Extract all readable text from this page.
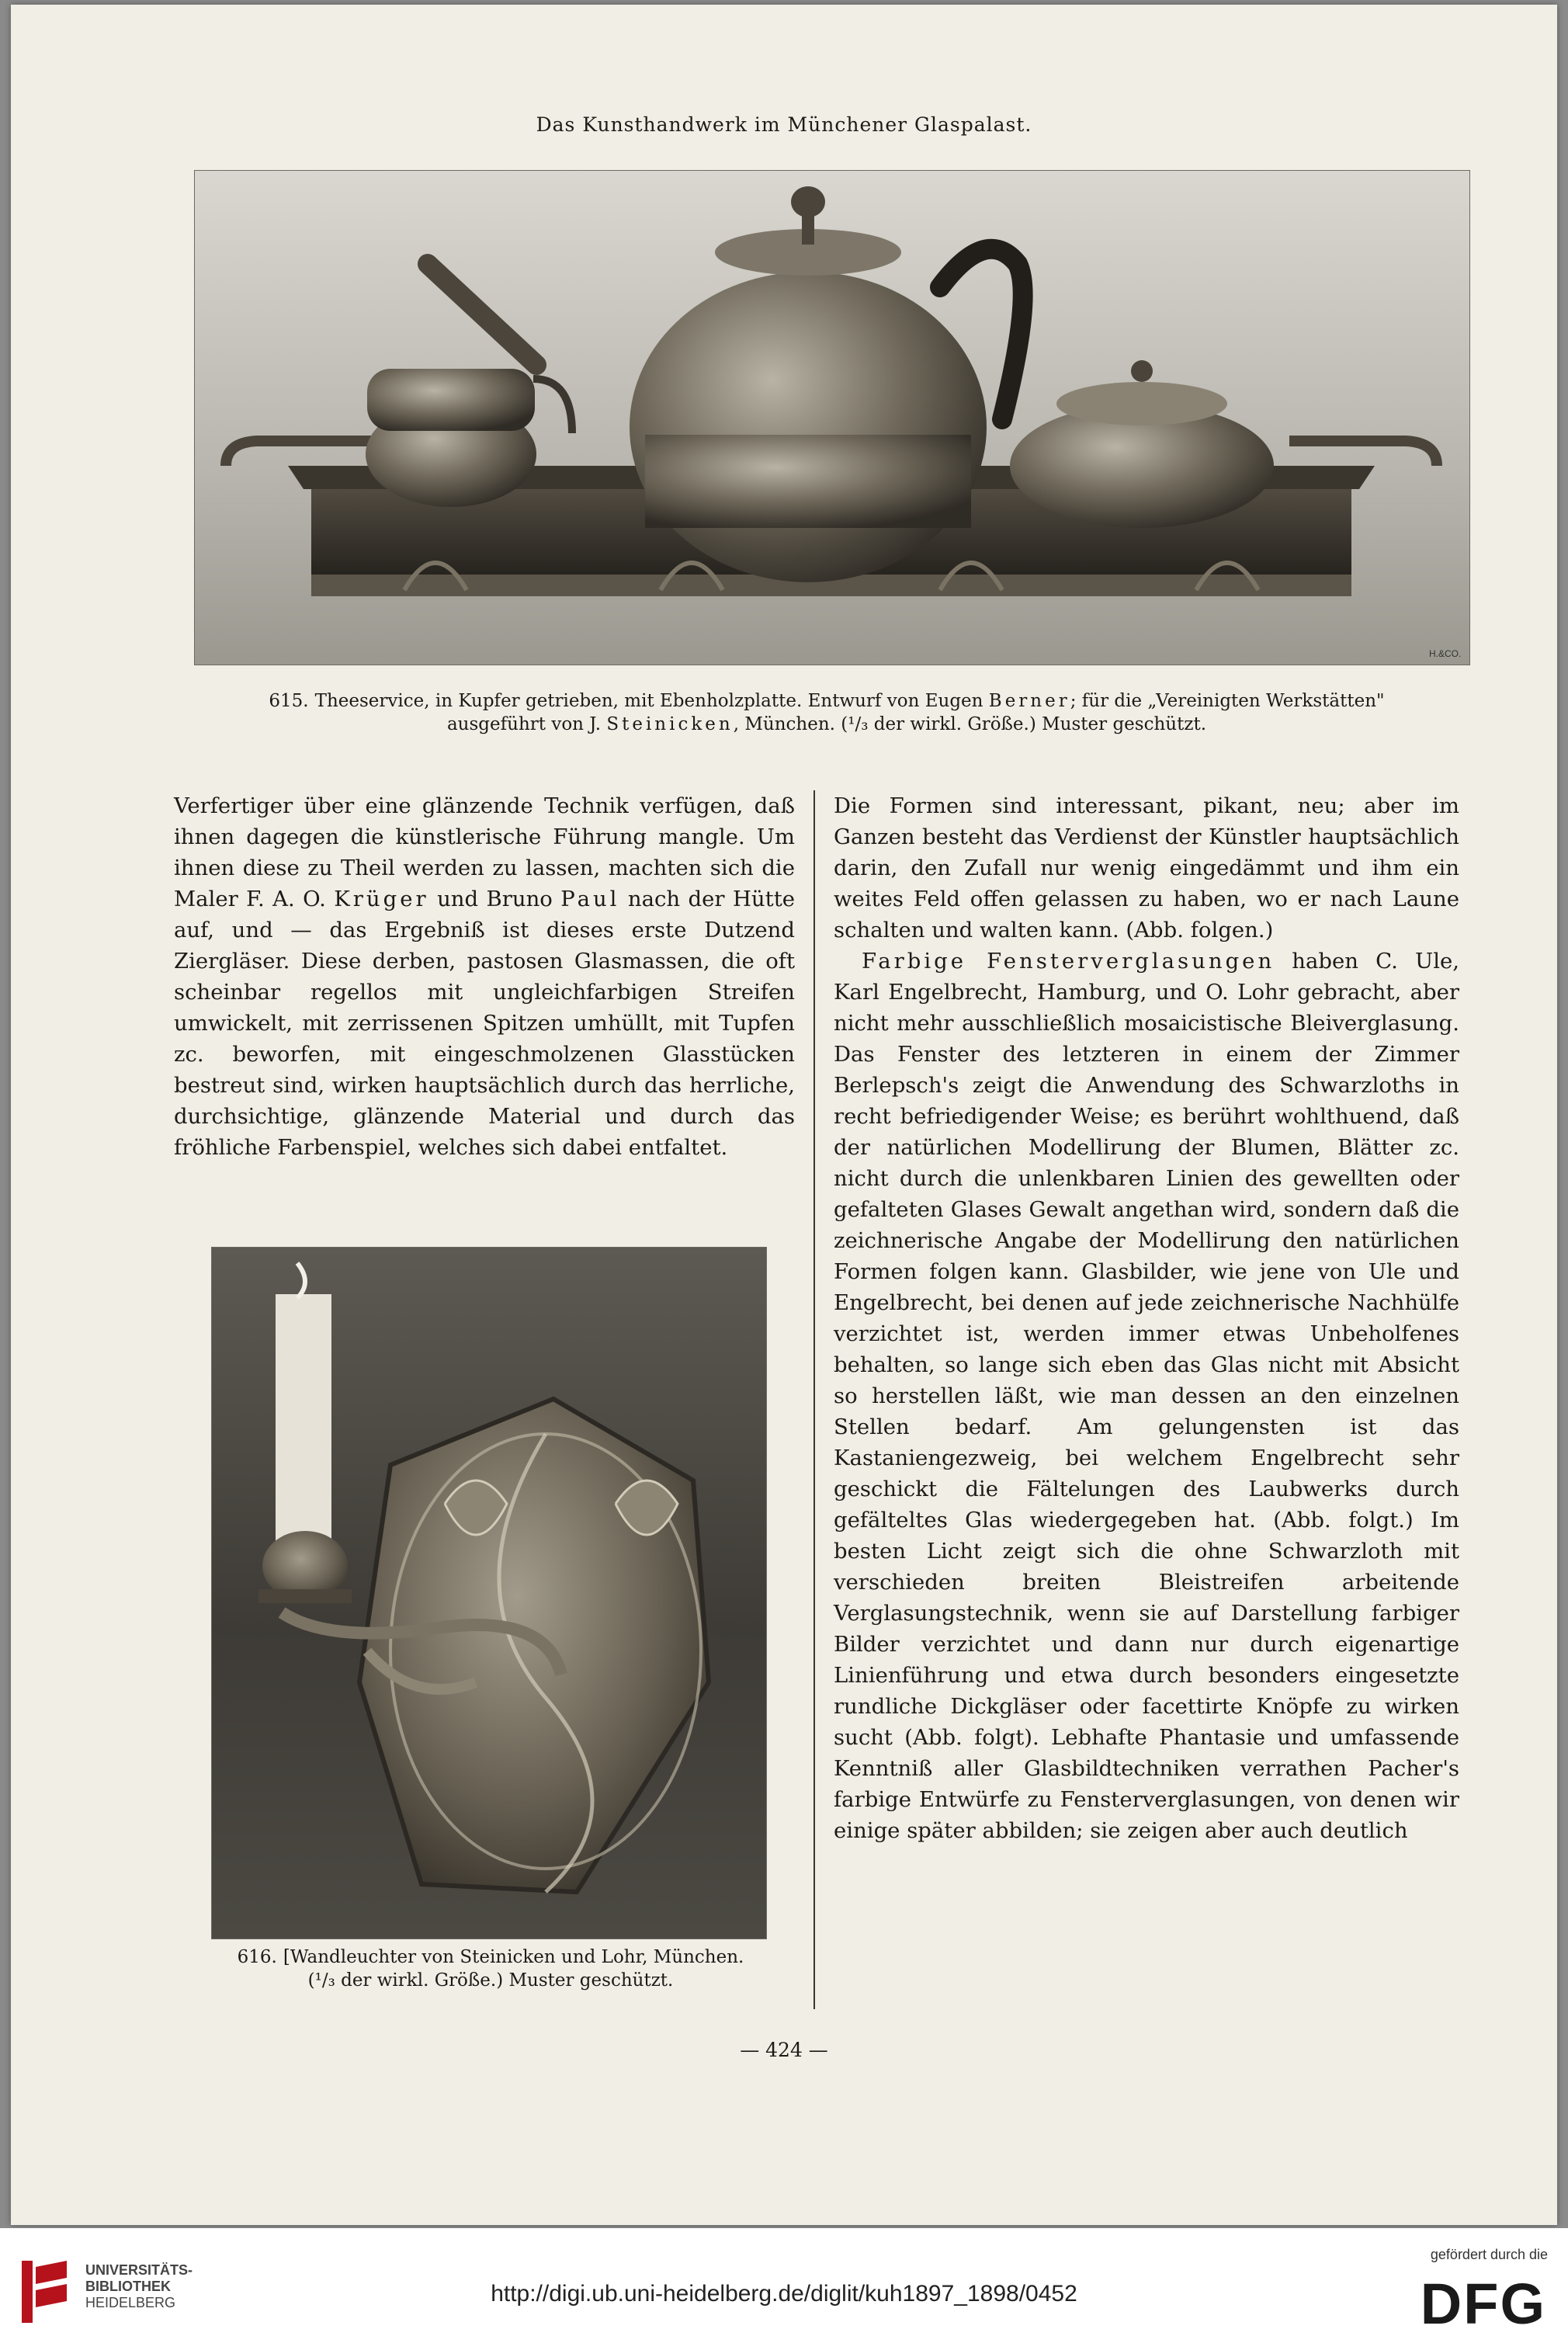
Das Kunsthandwerk im Münchener Glaspalast.
H.&CO.
615. Theeservice, in Kupfer getrieben, mit Ebenholzplatte. Entwurf von Eugen Berner; für die „Vereinigten Werkstätten"
ausgeführt von J. Steinicken, München. (¹/₃ der wirkl. Größe.) Muster geschützt.

Verfertiger über eine glänzende Technik verfügen, daß ihnen dagegen die künstlerische Führung mangle. Um ihnen diese zu Theil werden zu lassen, machten sich die Maler F. A. O. Krüger und Bruno Paul nach der Hütte auf, und — das Ergebniß ist dieses erste Dutzend Ziergläser. Diese derben, pastosen Glasmassen, die oft scheinbar regellos mit ungleichfarbigen Streifen umwickelt, mit zerrissenen Spitzen umhüllt, mit Tupfen zc. beworfen, mit eingeschmolzenen Glasstücken bestreut sind, wirken hauptsächlich durch das herrliche, durchsichtige, glänzende Material und durch das fröhliche Farbenspiel, welches sich dabei entfaltet.

616. [Wandleuchter von Steinicken und Lohr, München.
(¹/₃ der wirkl. Größe.) Muster geschützt.

Die Formen sind interessant, pikant, neu; aber im Ganzen besteht das Verdienst der Künstler hauptsächlich darin, den Zufall nur wenig eingedämmt und ihm ein weites Feld offen gelassen zu haben, wo er nach Laune schalten und walten kann. (Abb. folgen.)

Farbige Fensterverglasungen haben C. Ule, Karl Engelbrecht, Hamburg, und O. Lohr gebracht, aber nicht mehr ausschließlich mosaicistische Bleiverglasung. Das Fenster des letzteren in einem der Zimmer Berlepsch's zeigt die Anwendung des Schwarzloths in recht befriedigender Weise; es berührt wohlthuend, daß der natürlichen Modellirung der Blumen, Blätter zc. nicht durch die unlenkbaren Linien des gewellten oder gefalteten Glases Gewalt angethan wird, sondern daß die zeichnerische Angabe der Modellirung den natürlichen Formen folgen kann. Glasbilder, wie jene von Ule und Engelbrecht, bei denen auf jede zeichnerische Nachhülfe verzichtet ist, werden immer etwas Unbeholfenes behalten, so lange sich eben das Glas nicht mit Absicht so herstellen läßt, wie man dessen an den einzelnen Stellen bedarf. Am gelungensten ist das Kastaniengezweig, bei welchem Engelbrecht sehr geschickt die Fältelungen des Laubwerks durch gefälteltes Glas wiedergegeben hat. (Abb. folgt.) Im besten Licht zeigt sich die ohne Schwarzloth mit verschieden breiten Bleistreifen arbeitende Verglasungstechnik, wenn sie auf Darstellung farbiger Bilder verzichtet und dann nur durch eigenartige Linienführung und etwa durch besonders eingesetzte rundliche Dickgläser oder facettirte Knöpfe zu wirken sucht (Abb. folgt). Lebhafte Phantasie und umfassende Kenntniß aller Glasbildtechniken verrathen Pacher's farbige Entwürfe zu Fensterverglasungen, von denen wir einige später abbilden; sie zeigen aber auch deutlich

— 424 —
UNIVERSITÄTS-
BIBLIOTHEK
HEIDELBERG	http://digi.ub.uni-heidelberg.de/diglit/kuh1897_1898/0452
gefördert durch die
DFG
